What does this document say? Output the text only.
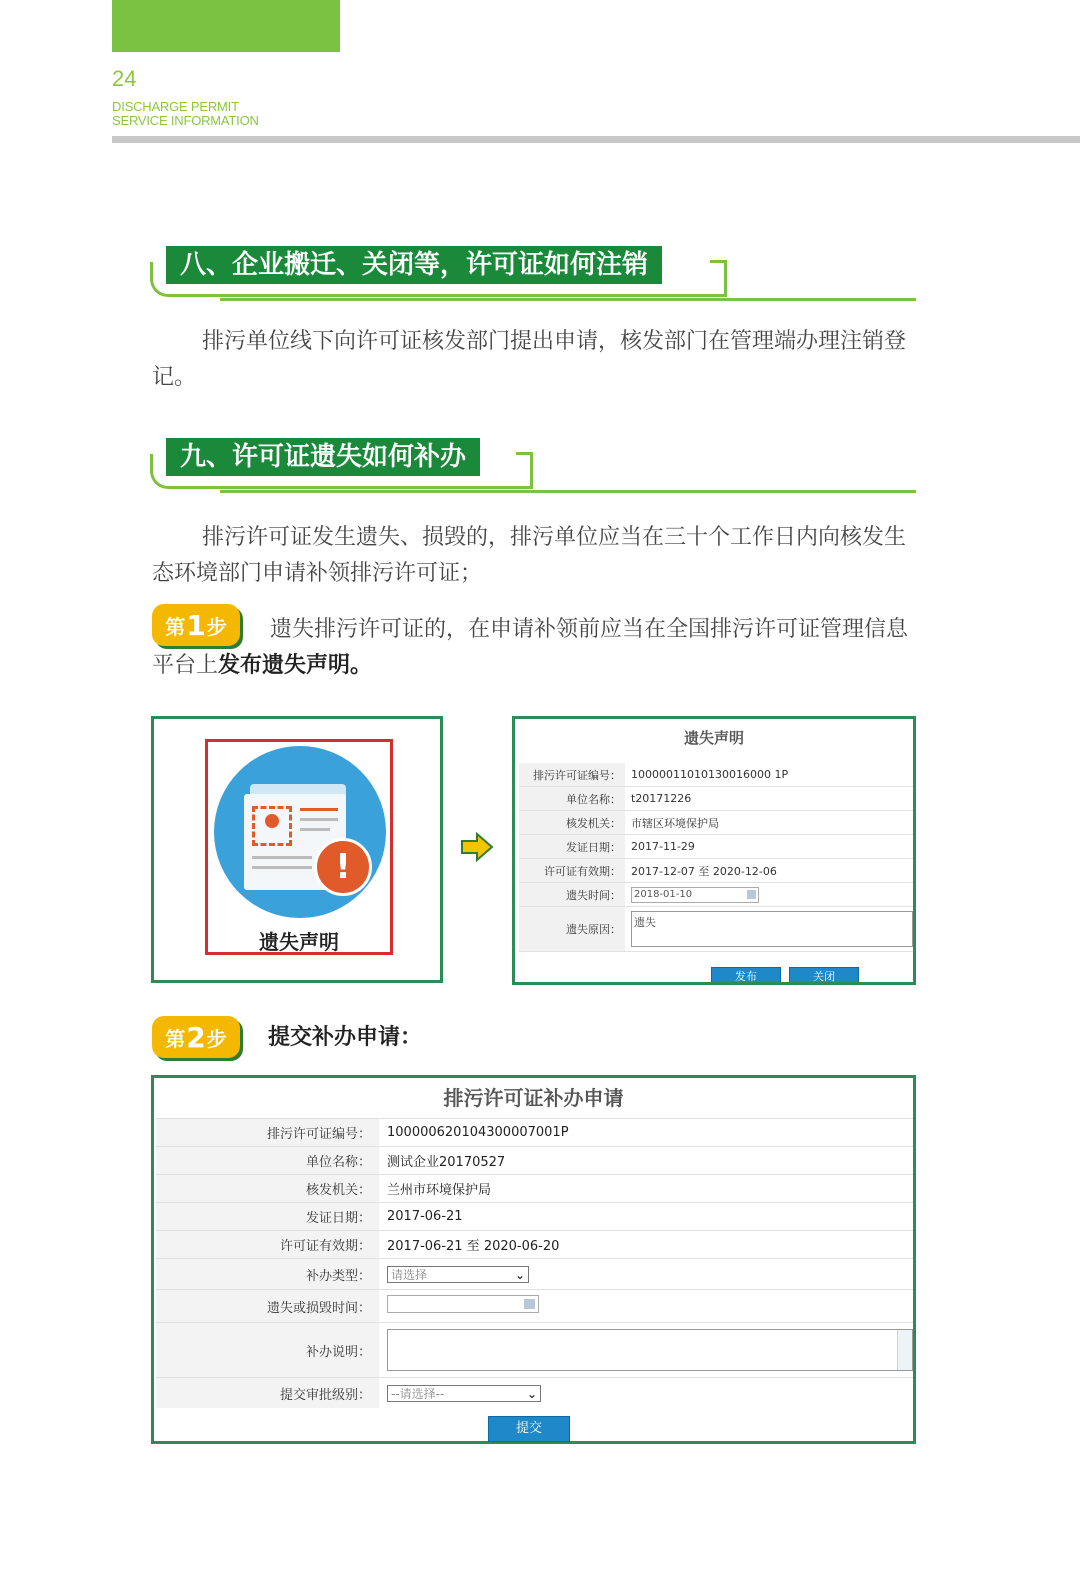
24
DISCHARGE PERMIT
SERVICE INFORMATION
八、企业搬迁、关闭等，许可证如何注销
排污单位线下向许可证核发部门提出申请，核发部门在管理端办理注销登记。
九、许可证遗失如何补办
排污许可证发生遗失、损毁的，排污单位应当在三十个工作日内向核发生态环境部门申请补领排污许可证；
第 1 步	遗失排污许可证的，在申请补领前应当在全国排污许可证管理信息平台上发布遗失声明。
!
遗失声明
遗失声明
排污许可证编号：	10000011010130016000 1P
单位名称：	t20171226
核发机关：	市辖区环境保护局
发证日期：	2017-11-29
许可证有效期：	2017-12-07 至 2020-12-06
遗失时间：	2018-01-10

遗失原因：	遗失
发布	关闭
第 2 步 提交补办申请：
排污许可证补办申请
排污许可证编号：	100000620104300007001P
单位名称：	测试企业20170527
核发机关：	兰州市环境保护局
发证日期：	2017-06-21
许可证有效期：	2017-06-21 至 2020-06-20
补办类型：	请选择 ⌄

遗失或损毁时间：	

补办说明：	

提交审批级别：	--请选择-- ⌄
提交
